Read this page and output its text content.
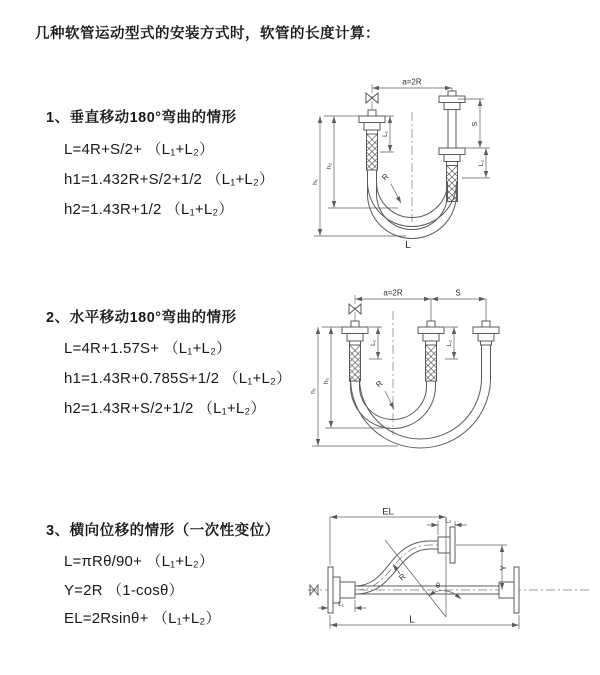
几种软管运动型式的安装方式时，软管的长度计算：
1、垂直移动180°弯曲的情形
L=4R+S/2+ （L₁+L₂）
h1=1.432R+S/2+1/2 （L₁+L₂）
h2=1.43R+1/2 （L₁+L₂）
a=2R
L₁
S
L₂
h₁
h₂
R
L
2、水平移动180°弯曲的情形
L=4R+1.57S+ （L₁+L₂）
h1=1.43R+0.785S+1/2 （L₁+L₂）
h2=1.43R+S/2+1/2 （L₁+L₂）
a=2R	S
L₁	L₂
h₁
h₂	R
3、横向位移的情形（一次性变位）
L=πRθ/90+ （L₁+L₂）
Y=2R （1-cosθ）
EL=2Rsinθ+ （L₁+L₂）
EL
L₂
Y
θ
R
L₁
L
